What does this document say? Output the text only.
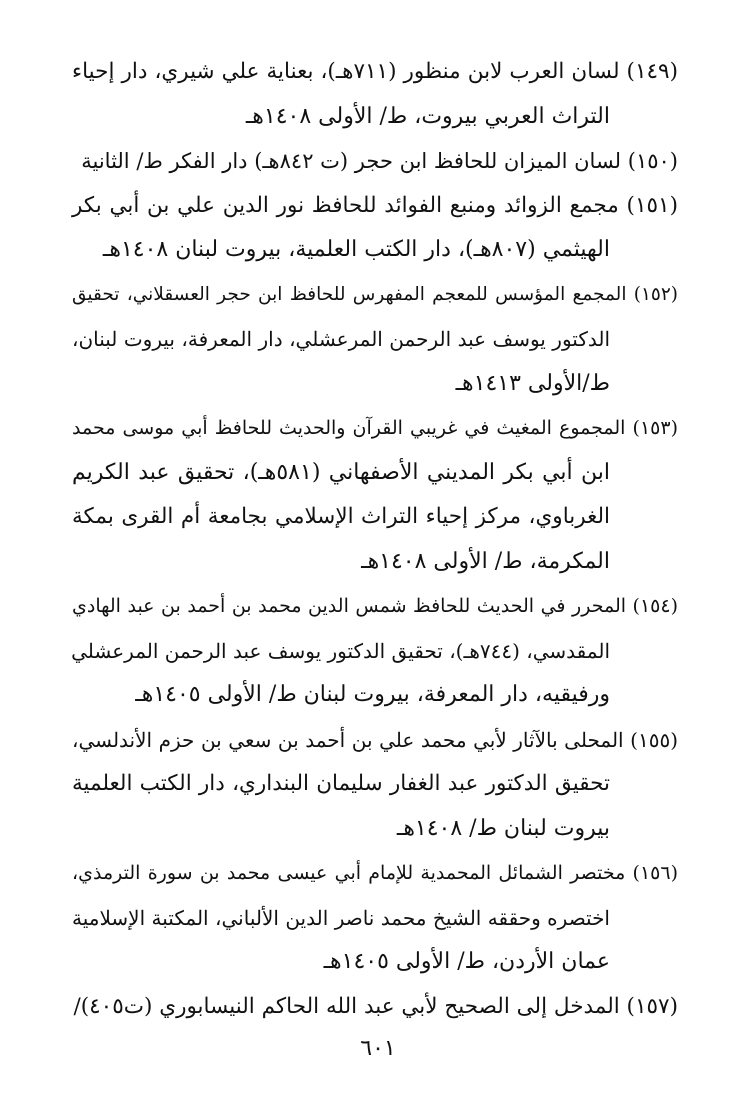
(١٤٩) لسان العرب لابن منظور (٧١١هـ)، بعناية علي شيري، دار إحياء
التراث العربي بيروت، ط/ الأولى ١٤٠٨هـ
(١٥٠) لسان الميزان للحافظ ابن حجر (ت ٨٤٢هـ) دار الفكر ط/ الثانية
(١٥١) مجمع الزوائد ومنبع الفوائد للحافظ نور الدين علي بن أبي بكر
الهيثمي (٨٠٧هـ)، دار الكتب العلمية، بيروت لبنان ١٤٠٨هـ
(١٥٢) المجمع المؤسس للمعجم المفهرس للحافظ ابن حجر العسقلاني، تحقيق
الدكتور يوسف عبد الرحمن المرعشلي، دار المعرفة، بيروت لبنان،
ط/الأولى ١٤١٣هـ
(١٥٣) المجموع المغيث في غريبي القرآن والحديث للحافظ أبي موسى محمد
ابن أبي بكر المديني الأصفهاني (٥٨١هـ)، تحقيق عبد الكريم
الغرباوي، مركز إحياء التراث الإسلامي بجامعة أم القرى بمكة
المكرمة، ط/ الأولى ١٤٠٨هـ
(١٥٤) المحرر في الحديث للحافظ شمس الدين محمد بن أحمد بن عبد الهادي
المقدسي، (٧٤٤هـ)، تحقيق الدكتور يوسف عبد الرحمن المرعشلي
ورفيقيه، دار المعرفة، بيروت لبنان ط/ الأولى ١٤٠٥هـ
(١٥٥) المحلى بالآثار لأبي محمد علي بن أحمد بن سعي بن حزم الأندلسي،
تحقيق الدكتور عبد الغفار سليمان البنداري، دار الكتب العلمية
بيروت لبنان ط/ ١٤٠٨هـ
(١٥٦) مختصر الشمائل المحمدية للإمام أبي عيسى محمد بن سورة الترمذي،
اختصره وحققه الشيخ محمد ناصر الدين الألباني، المكتبة الإسلامية
عمان الأردن، ط/ الأولى ١٤٠٥هـ
(١٥٧) المدخل إلى الصحيح لأبي عبد الله الحاكم النيسابوري (ت٤٠٥)/
٦٠١
